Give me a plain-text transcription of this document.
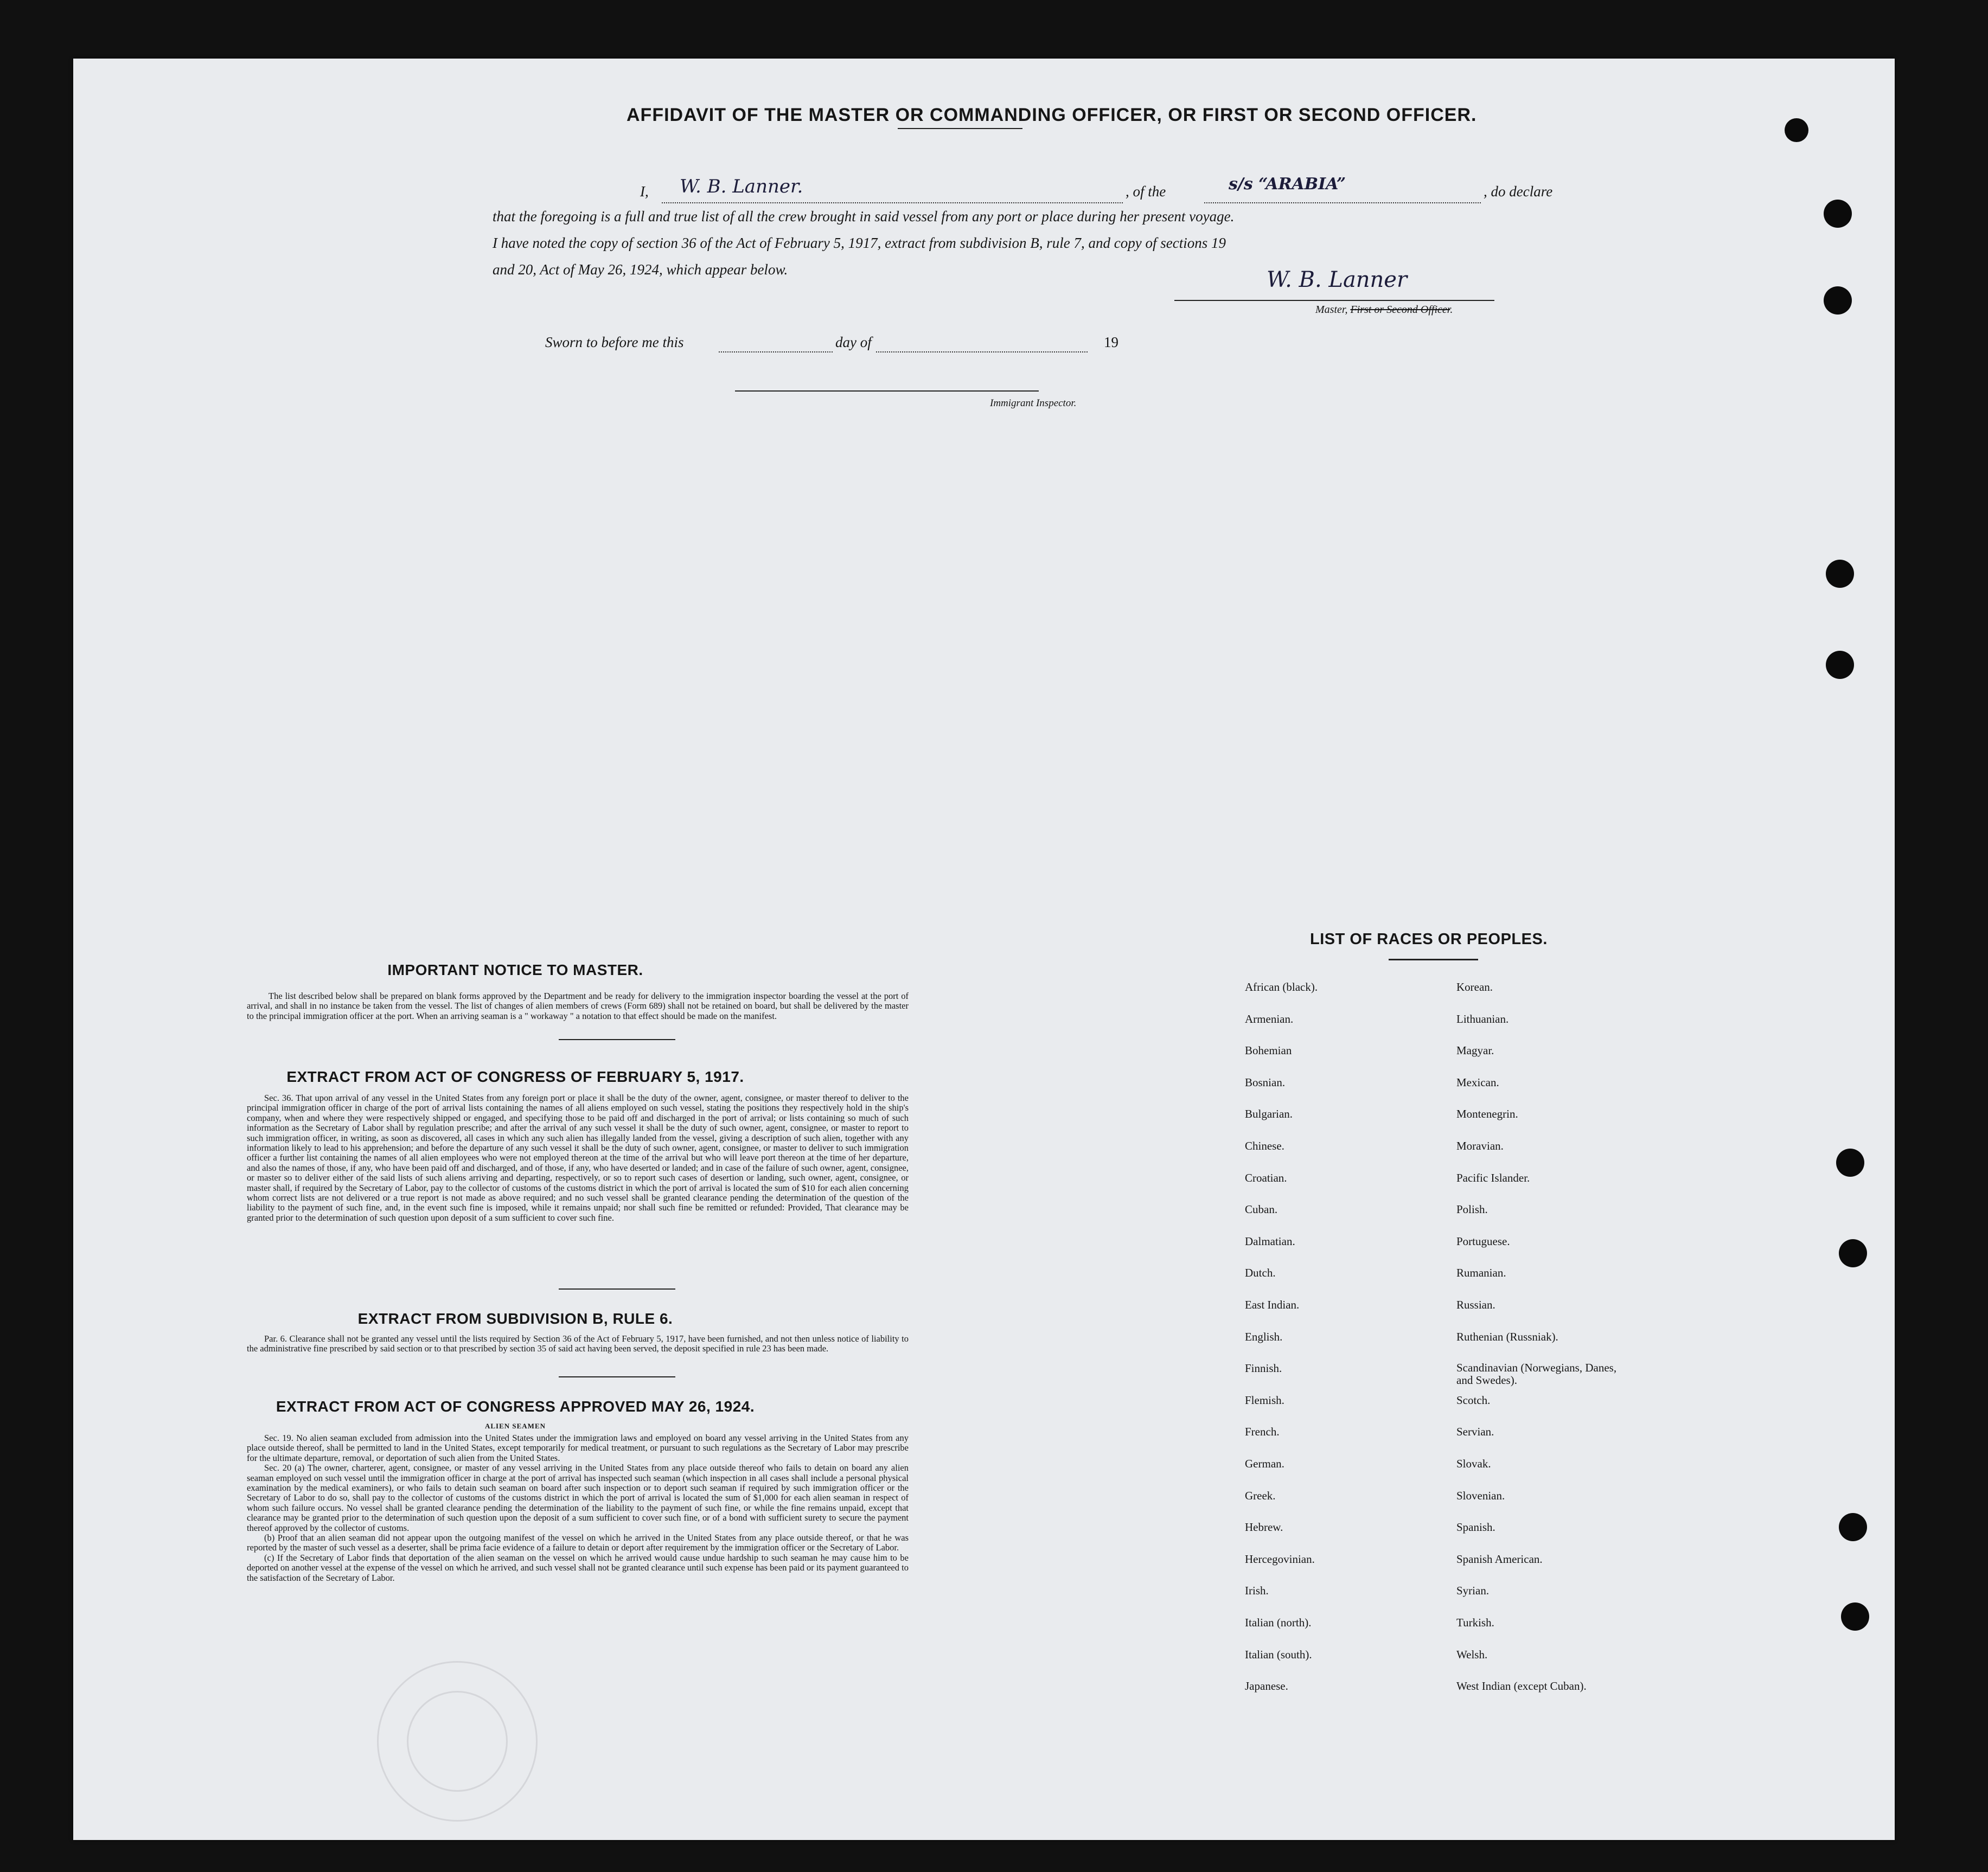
AFFIDAVIT OF THE MASTER OR COMMANDING OFFICER, OR FIRST OR SECOND OFFICER.
I, W. B. Lanner.	, of the	s/s “ARABIA”	, do declare
that the foregoing is a full and true list of all the crew brought in said vessel from any port or place during her present voyage.
I have noted the copy of section 36 of the Act of February 5, 1917, extract from subdivision B, rule 7, and copy of sections 19
and 20, Act of May 26, 1924, which appear below.	W. B. Lanner
Master, First or Second Officer.
Sworn to before me this	day of	19
Immigrant Inspector.
IMPORTANT NOTICE TO MASTER.
The list described below shall be prepared on blank forms approved by the Department and be ready for delivery to the immigration inspector boarding the vessel at the port of arrival, and shall in no instance be taken from the vessel. The list of changes of alien members of crews (Form 689) shall not be retained on board, but shall be delivered by the master to the principal immigration officer at the port. When an arriving seaman is a " workaway " a notation to that effect should be made on the manifest.
EXTRACT FROM ACT OF CONGRESS OF FEBRUARY 5, 1917.
Sec. 36. That upon arrival of any vessel in the United States from any foreign port or place it shall be the duty of the owner, agent, consignee, or master thereof to deliver to the principal immigration officer in charge of the port of arrival lists containing the names of all aliens employed on such vessel, stating the positions they respectively hold in the ship's company, when and where they were respectively shipped or engaged, and specifying those to be paid off and discharged in the port of arrival; or lists containing so much of such information as the Secretary of Labor shall by regulation prescribe; and after the arrival of any such vessel it shall be the duty of such owner, agent, consignee, or master to report to such immigration officer, in writing, as soon as discovered, all cases in which any such alien has illegally landed from the vessel, giving a description of such alien, together with any information likely to lead to his apprehension; and before the departure of any such vessel it shall be the duty of such owner, agent, consignee, or master to deliver to such immigration officer a further list containing the names of all alien employees who were not employed thereon at the time of the arrival but who will leave port thereon at the time of her departure, and also the names of those, if any, who have been paid off and discharged, and of those, if any, who have deserted or landed; and in case of the failure of such owner, agent, consignee, or master so to deliver either of the said lists of such aliens arriving and departing, respectively, or so to report such cases of desertion or landing, such owner, agent, consignee, or master shall, if required by the Secretary of Labor, pay to the collector of customs of the customs district in which the port of arrival is located the sum of $10 for each alien concerning whom correct lists are not delivered or a true report is not made as above required; and no such vessel shall be granted clearance pending the determination of the question of the liability to the payment of such fine, and, in the event such fine is imposed, while it remains unpaid; nor shall such fine be remitted or refunded: Provided, That clearance may be granted prior to the determination of such question upon deposit of a sum sufficient to cover such fine.
EXTRACT FROM SUBDIVISION B, RULE 6.
Par. 6. Clearance shall not be granted any vessel until the lists required by Section 36 of the Act of February 5, 1917, have been furnished, and not then unless notice of liability to the administrative fine prescribed by said section or to that prescribed by section 35 of said act having been served, the deposit specified in rule 23 has been made.
EXTRACT FROM ACT OF CONGRESS APPROVED MAY 26, 1924.
ALIEN SEAMEN
Sec. 19. No alien seaman excluded from admission into the United States under the immigration laws and employed on board any vessel arriving in the United States from any place outside thereof, shall be permitted to land in the United States, except temporarily for medical treatment, or pursuant to such regulations as the Secretary of Labor may prescribe for the ultimate departure, removal, or deportation of such alien from the United States.
Sec. 20 (a) The owner, charterer, agent, consignee, or master of any vessel arriving in the United States from any place outside thereof who fails to detain on board any alien seaman employed on such vessel until the immigration officer in charge at the port of arrival has inspected such seaman (which inspection in all cases shall include a personal physical examination by the medical examiners), or who fails to detain such seaman on board after such inspection or to deport such seaman if required by such immigration officer or the Secretary of Labor to do so, shall pay to the collector of customs of the customs district in which the port of arrival is located the sum of $1,000 for each alien seaman in respect of whom such failure occurs. No vessel shall be granted clearance pending the determination of the liability to the payment of such fine, or while the fine remains unpaid, except that clearance may be granted prior to the determination of such question upon the deposit of a sum sufficient to cover such fine, or of a bond with sufficient surety to secure the payment thereof approved by the collector of customs.
(b) Proof that an alien seaman did not appear upon the outgoing manifest of the vessel on which he arrived in the United States from any place outside thereof, or that he was reported by the master of such vessel as a deserter, shall be prima facie evidence of a failure to detain or deport after requirement by the immigration officer or the Secretary of Labor.
(c) If the Secretary of Labor finds that deportation of the alien seaman on the vessel on which he arrived would cause undue hardship to such seaman he may cause him to be deported on another vessel at the expense of the vessel on which he arrived, and such vessel shall not be granted clearance until such expense has been paid or its payment guaranteed to the satisfaction of the Secretary of Labor.
LIST OF RACES OR PEOPLES.
African (black).
Armenian.
Bohemian
Bosnian.
Bulgarian.
Chinese.
Croatian.
Cuban.
Dalmatian.
Dutch.
East Indian.
English.
Finnish.
Flemish.
French.
German.
Greek.
Hebrew.
Hercegovinian.
Irish.
Italian (north).
Italian (south).
Japanese.
Korean.
Lithuanian.
Magyar.
Mexican.
Montenegrin.
Moravian.
Pacific Islander.
Polish.
Portuguese.
Rumanian.
Russian.
Ruthenian (Russniak).
Scandinavian (Norwegians, Danes, and Swedes).
Scotch.
Servian.
Slovak.
Slovenian.
Spanish.
Spanish American.
Syrian.
Turkish.
Welsh.
West Indian (except Cuban).
